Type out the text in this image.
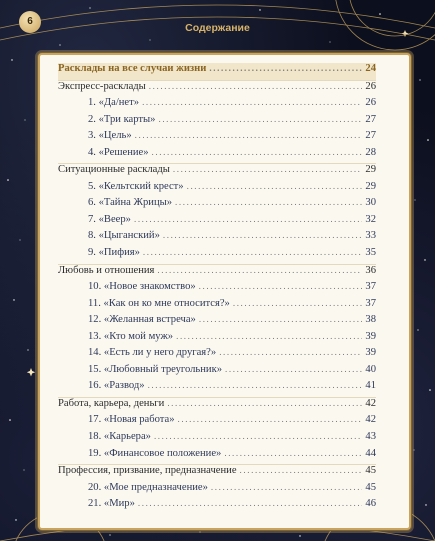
6
Содержание
Расклады на все случаи жизни .....	24
Экспресс-расклады .....	26
1. «Да/нет» .....	26
2. «Три карты» .....	27
3. «Цель» .....	27
4. «Решение» .....	28
Ситуационные расклады .....	29
5. «Кельтский крест» .....	29
6. «Тайна Жрицы» .....	30
7. «Веер» .....	32
8. «Цыганский» .....	33
9. «Пифия» .....	35
Любовь и отношения .....	36
10. «Новое знакомство» .....	37
11. «Как он ко мне относится?» .....	37
12. «Желанная встреча» .....	38
13. «Кто мой муж» .....	39
14. «Есть ли у него другая?» .....	39
15. «Любовный треугольник» .....	40
16. «Развод» .....	41
Работа, карьера, деньги .....	42
17. «Новая работа» .....	42
18. «Карьера» .....	43
19. «Финансовое положение» .....	44
Профессия, призвание, предназначение .....	45
20. «Мое предназначение» .....	45
21. «Мир» .....	46
